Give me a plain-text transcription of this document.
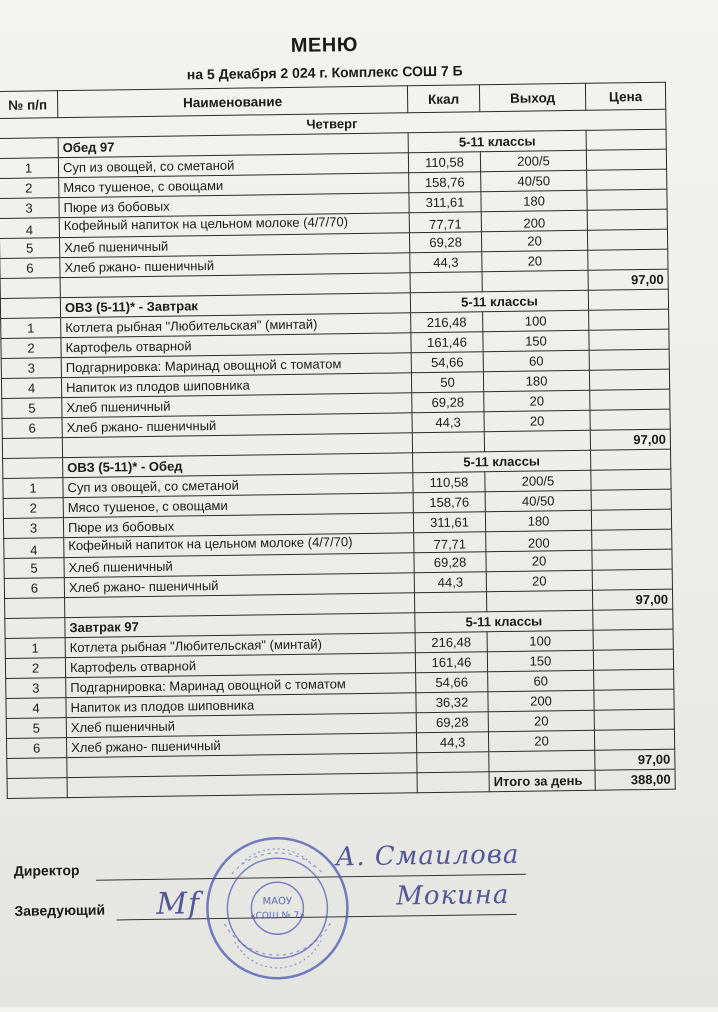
МЕНЮ
на 5 Декабря 2 024 г. Комплекс СОШ 7 Б
№ п/п	Наименование	Ккал	Выход	Цена
Четверг				
	Обед 97	5-11 классы		
1	Суп из овощей, со сметаной	110,58	200/5	
2	Мясо тушеное, с овощами	158,76	40/50	
3	Пюре из бобовых	311,61	180	
4	Кофейный напиток на цельном молоке (4/7/70)	77,71	200	
5	Хлеб пшеничный	69,28	20	
6	Хлеб ржано- пшеничный	44,3	20	
				97,00
	ОВЗ (5-11)* - Завтрак	5-11 классы		
1	Котлета рыбная "Любительская" (минтай)	216,48	100	
2	Картофель отварной	161,46	150	
3	Подгарнировка: Маринад овощной с томатом	54,66	60	
4	Напиток из плодов шиповника	50	180	
5	Хлеб пшеничный	69,28	20	
6	Хлеб ржано- пшеничный	44,3	20	
				97,00
	ОВЗ (5-11)* - Обед	5-11 классы		
1	Суп из овощей, со сметаной	110,58	200/5	
2	Мясо тушеное, с овощами	158,76	40/50	
3	Пюре из бобовых	311,61	180	
4	Кофейный напиток на цельном молоке (4/7/70)	77,71	200	
5	Хлеб пшеничный	69,28	20	
6	Хлеб ржано- пшеничный	44,3	20	
				97,00
	Завтрак 97	5-11 классы		
1	Котлета рыбная "Любительская" (минтай)	216,48	100	
2	Картофель отварной	161,46	150	
3	Подгарнировка: Маринад овощной с томатом	54,66	60	
4	Напиток из плодов шиповника	36,32	200	
5	Хлеб пшеничный	69,28	20	
6	Хлеб ржано- пшеничный	44,3	20	
				97,00
			Итого за день	388,00
Директор	А. Смаилова
Заведующий Мf	Мокина
МАОУ
«СОШ № 7»
